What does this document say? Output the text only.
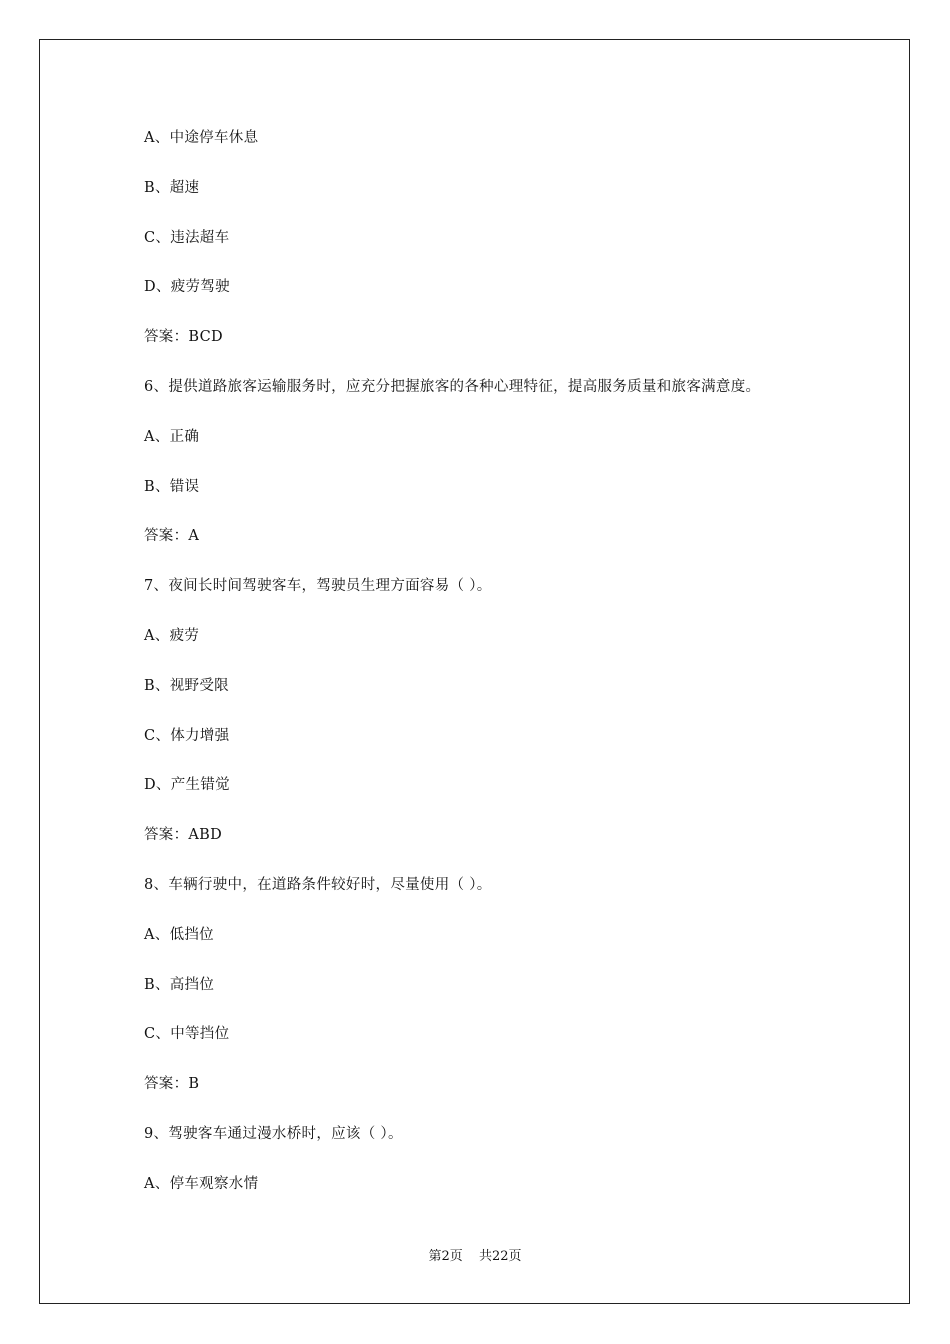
A、中途停车休息
B、超速
C、违法超车
D、疲劳驾驶
答案：BCD
6、提供道路旅客运输服务时，应充分把握旅客的各种心理特征，提高服务质量和旅客满意度。
A、正确
B、错误
答案：A
7、夜间长时间驾驶客车，驾驶员生理方面容易（ ）。
A、疲劳
B、视野受限
C、体力增强
D、产生错觉
答案：ABD
8、车辆行驶中，在道路条件较好时，尽量使用（ ）。
A、低挡位
B、高挡位
C、中等挡位
答案：B
9、驾驶客车通过漫水桥时，应该（ ）。
A、停车观察水情
第2页 共22页
